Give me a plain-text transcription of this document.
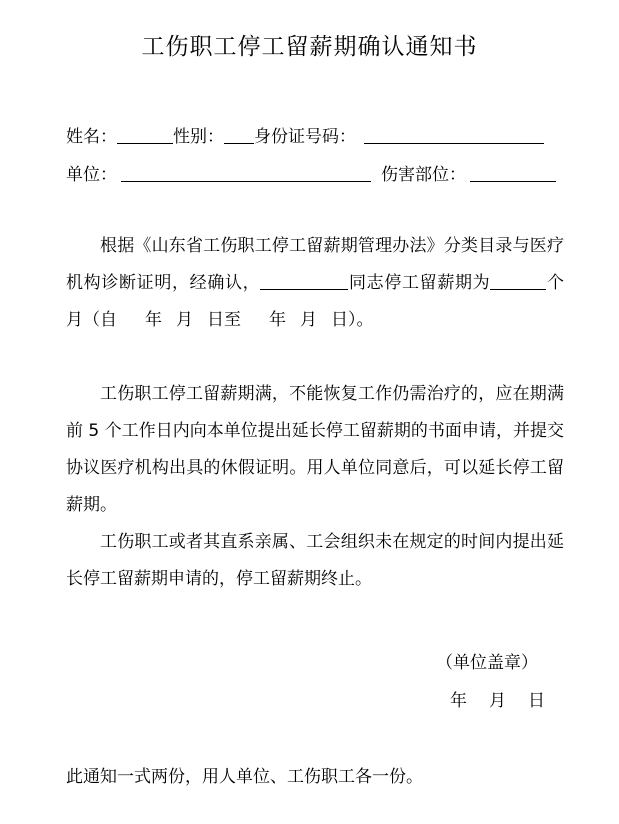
工伤职工停工留薪期确认通知书
姓名：	性别： 身份证号码：
单位：	伤害部位：
根据《山东省工伤职工停工留薪期管理办法》分类目录与医疗机构诊断证明，经确认，	同志停工留薪期为	个月（自 年 月 日至 年 月 日）。
工伤职工停工留薪期满，不能恢复工作仍需治疗的，应在期满前 5 个工作日内向本单位提出延长停工留薪期的书面申请，并提交协议医疗机构出具的休假证明。用人单位同意后，可以延长停工留薪期。
工伤职工或者其直系亲属、工会组织未在规定的时间内提出延长停工留薪期申请的，停工留薪期终止。
（单位盖章）
年 月 日
此通知一式两份，用人单位、工伤职工各一份。
